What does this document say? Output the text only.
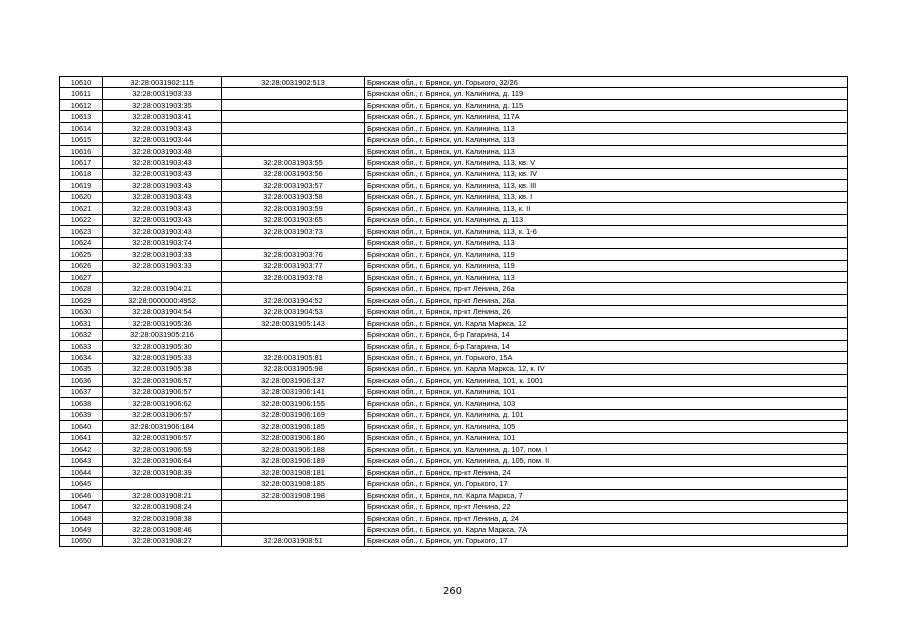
10610	32:28:0031902:115	32:28:0031902:513	Брянская обл., г. Брянск, ул. Горького, 32/26
10611	32:28:0031903:33		Брянская обл., г. Брянск, ул. Калинина, д. 119
10612	32:28:0031903:35		Брянская обл., г. Брянск, ул. Калинина, д. 115
10613	32:28:0031903:41		Брянская обл., г. Брянск, ул. Калинина, 117А
10614	32:28:0031903:43		Брянская обл., г. Брянск, ул. Калинина, 113
10615	32:28:0031903:44		Брянская обл., г. Брянск, ул. Калинина, 113
10616	32:28:0031903:48		Брянская обл., г. Брянск, ул. Калинина, 113
10617	32:28:0031903:43	32:28:0031903:55	Брянская обл., г. Брянск, ул. Калинина, 113, кв. V
10618	32:28:0031903:43	32:28:0031903:56	Брянская обл., г. Брянск, ул. Калинина, 113, кв. IV
10619	32:28:0031903:43	32:28:0031903:57	Брянская обл., г. Брянск, ул. Калинина, 113, кв. III
10620	32:28:0031903:43	32:28:0031903:58	Брянская обл., г. Брянск, ул. Калинина, 113, кв. I
10621	32:28:0031903:43	32:28:0031903:59	Брянская обл., г. Брянск, ул. Калинина, 113, к. II
10622	32:28:0031903:43	32:28:0031903:65	Брянская обл., г. Брянск, ул. Калинина, д. 113
10623	32:28:0031903:43	32:28:0031903:73	Брянская обл., г. Брянск, ул. Калинина, 113, к. 1-6
10624	32:28:0031903:74		Брянская обл., г. Брянск, ул. Калинина, 113
10625	32:28:0031903:33	32:28:0031903:76	Брянская обл., г. Брянск, ул. Калинина, 119
10626	32:28:0031903:33	32:28:0031903:77	Брянская обл., г. Брянск, ул. Калинина, 119
10627		32:28:0031903:78	Брянская обл., г. Брянск, ул. Калинина, 113
10628	32:28:0031904:21		Брянская обл., г. Брянск, пр-кт Ленина, 26а
10629	32:28:0000000:4952	32:28:0031904:52	Брянская обл., г. Брянск, пр-кт Ленина, 26а
10630	32:28:0031904:54	32:28:0031904:53	Брянская обл., г. Брянск, пр-кт Ленина, 26
10631	32:28:0031905:36	32:28:0031905:143	Брянская обл., г. Брянск, ул. Карла Маркса, 12
10632	32:28:0031905:216		Брянская обл., г. Брянск, б-р Гагарина, 14
10633	32:28:0031905:30		Брянская обл., г. Брянск, б-р Гагарина, 14
10634	32:28:0031905:33	32:28:0031905:81	Брянская обл., г. Брянск, ул. Горького, 15А
10635	32:28:0031905:38	32:28:0031905:98	Брянская обл., г. Брянск, ул. Карла Маркса, 12, к. IV
10636	32:28:0031906:57	32:28:0031906:137	Брянская обл., г. Брянск, ул. Калинина, 101, к. 1001
10637	32:28:0031906:57	32:28:0031906:141	Брянская обл., г. Брянск, ул. Калинина, 101
10638	32:28:0031906:62	32:28:0031906:155	Брянская обл., г. Брянск, ул. Калинина, 103
10639	32:28:0031906:57	32:28:0031906:169	Брянская обл., г. Брянск, ул. Калинина, д. 101
10640	32:28:0031906:184	32:28:0031906:185	Брянская обл., г. Брянск, ул. Калинина, 105
10641	32:28:0031906:57	32:28:0031906:186	Брянская обл., г. Брянск, ул. Калинина, 101
10642	32:28:0031906:59	32:28:0031906:188	Брянская обл., г. Брянск, ул. Калинина, д. 107, пом. I
10643	32:28:0031906:64	32:28:0031906:189	Брянская обл., г. Брянск, ул. Калинина, д. 105, пом. II
10644	32:28:0031908:39	32:28:0031908:181	Брянская обл., г. Брянск, пр-кт Ленина, 24
10645		32:28:0031908:185	Брянская обл., г. Брянск, ул. Горького, 17
10646	32:28:0031908:21	32:28:0031908:198	Брянская обл., г. Брянск, пл. Карла Маркса, 7
10647	32:28:0031908:24		Брянская обл., г. Брянск, пр-кт Ленина, 22
10648	32:28:0031908:38		Брянская обл., г. Брянск, пр-кт Ленина, д. 24
10649	32:28:0031908:46		Брянская обл., г. Брянск, ул. Карла Маркса, 7А
10650	32:28:0031908:27	32:28:0031908:51	Брянская обл., г. Брянск, ул. Горького, 17
260
